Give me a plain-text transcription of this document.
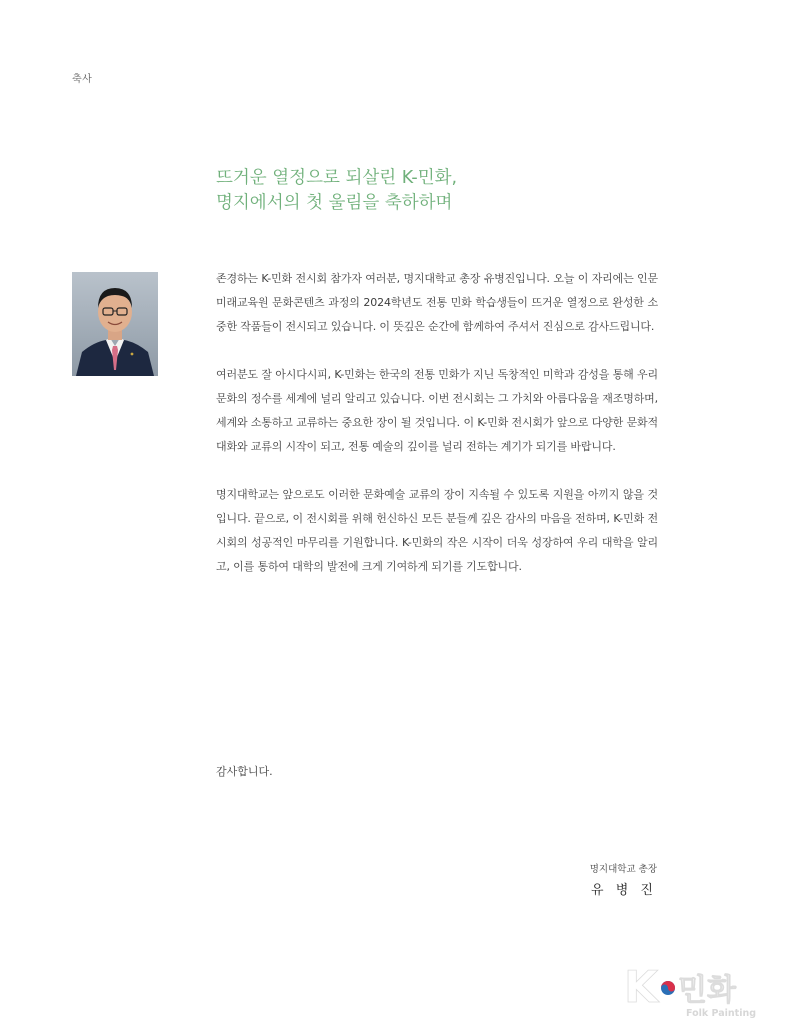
축사
뜨거운 열정으로 되살린 K-민화,
명지에서의 첫 울림을 축하하며

존경하는 K-민화 전시회 참가자 여러분, 명지대학교 총장 유병진입니다. 오늘 이 자리에는 인문미래교육원 문화콘텐츠 과정의 2024학년도 전통 민화 학습생들이 뜨거운 열정으로 완성한 소중한 작품들이 전시되고 있습니다. 이 뜻깊은 순간에 함께하여 주셔서 진심으로 감사드립니다.

여러분도 잘 아시다시피, K-민화는 한국의 전통 민화가 지닌 독창적인 미학과 감성을 통해 우리 문화의 정수를 세계에 널리 알리고 있습니다. 이번 전시회는 그 가치와 아름다움을 재조명하며, 세계와 소통하고 교류하는 중요한 장이 될 것입니다. 이 K-민화 전시회가 앞으로 다양한 문화적 대화와 교류의 시작이 되고, 전통 예술의 깊이를 널리 전하는 계기가 되기를 바랍니다.

명지대학교는 앞으로도 이러한 문화예술 교류의 장이 지속될 수 있도록 지원을 아끼지 않을 것입니다. 끝으로, 이 전시회를 위해 헌신하신 모든 분들께 깊은 감사의 마음을 전하며, K-민화 전시회의 성공적인 마무리를 기원합니다. K-민화의 작은 시작이 더욱 성장하여 우리 대학을 알리고, 이를 통하여 대학의 발전에 크게 기여하게 되기를 기도합니다.

감사합니다.
명지대학교 총장
유 병 진
K 민화
Folk Painting
